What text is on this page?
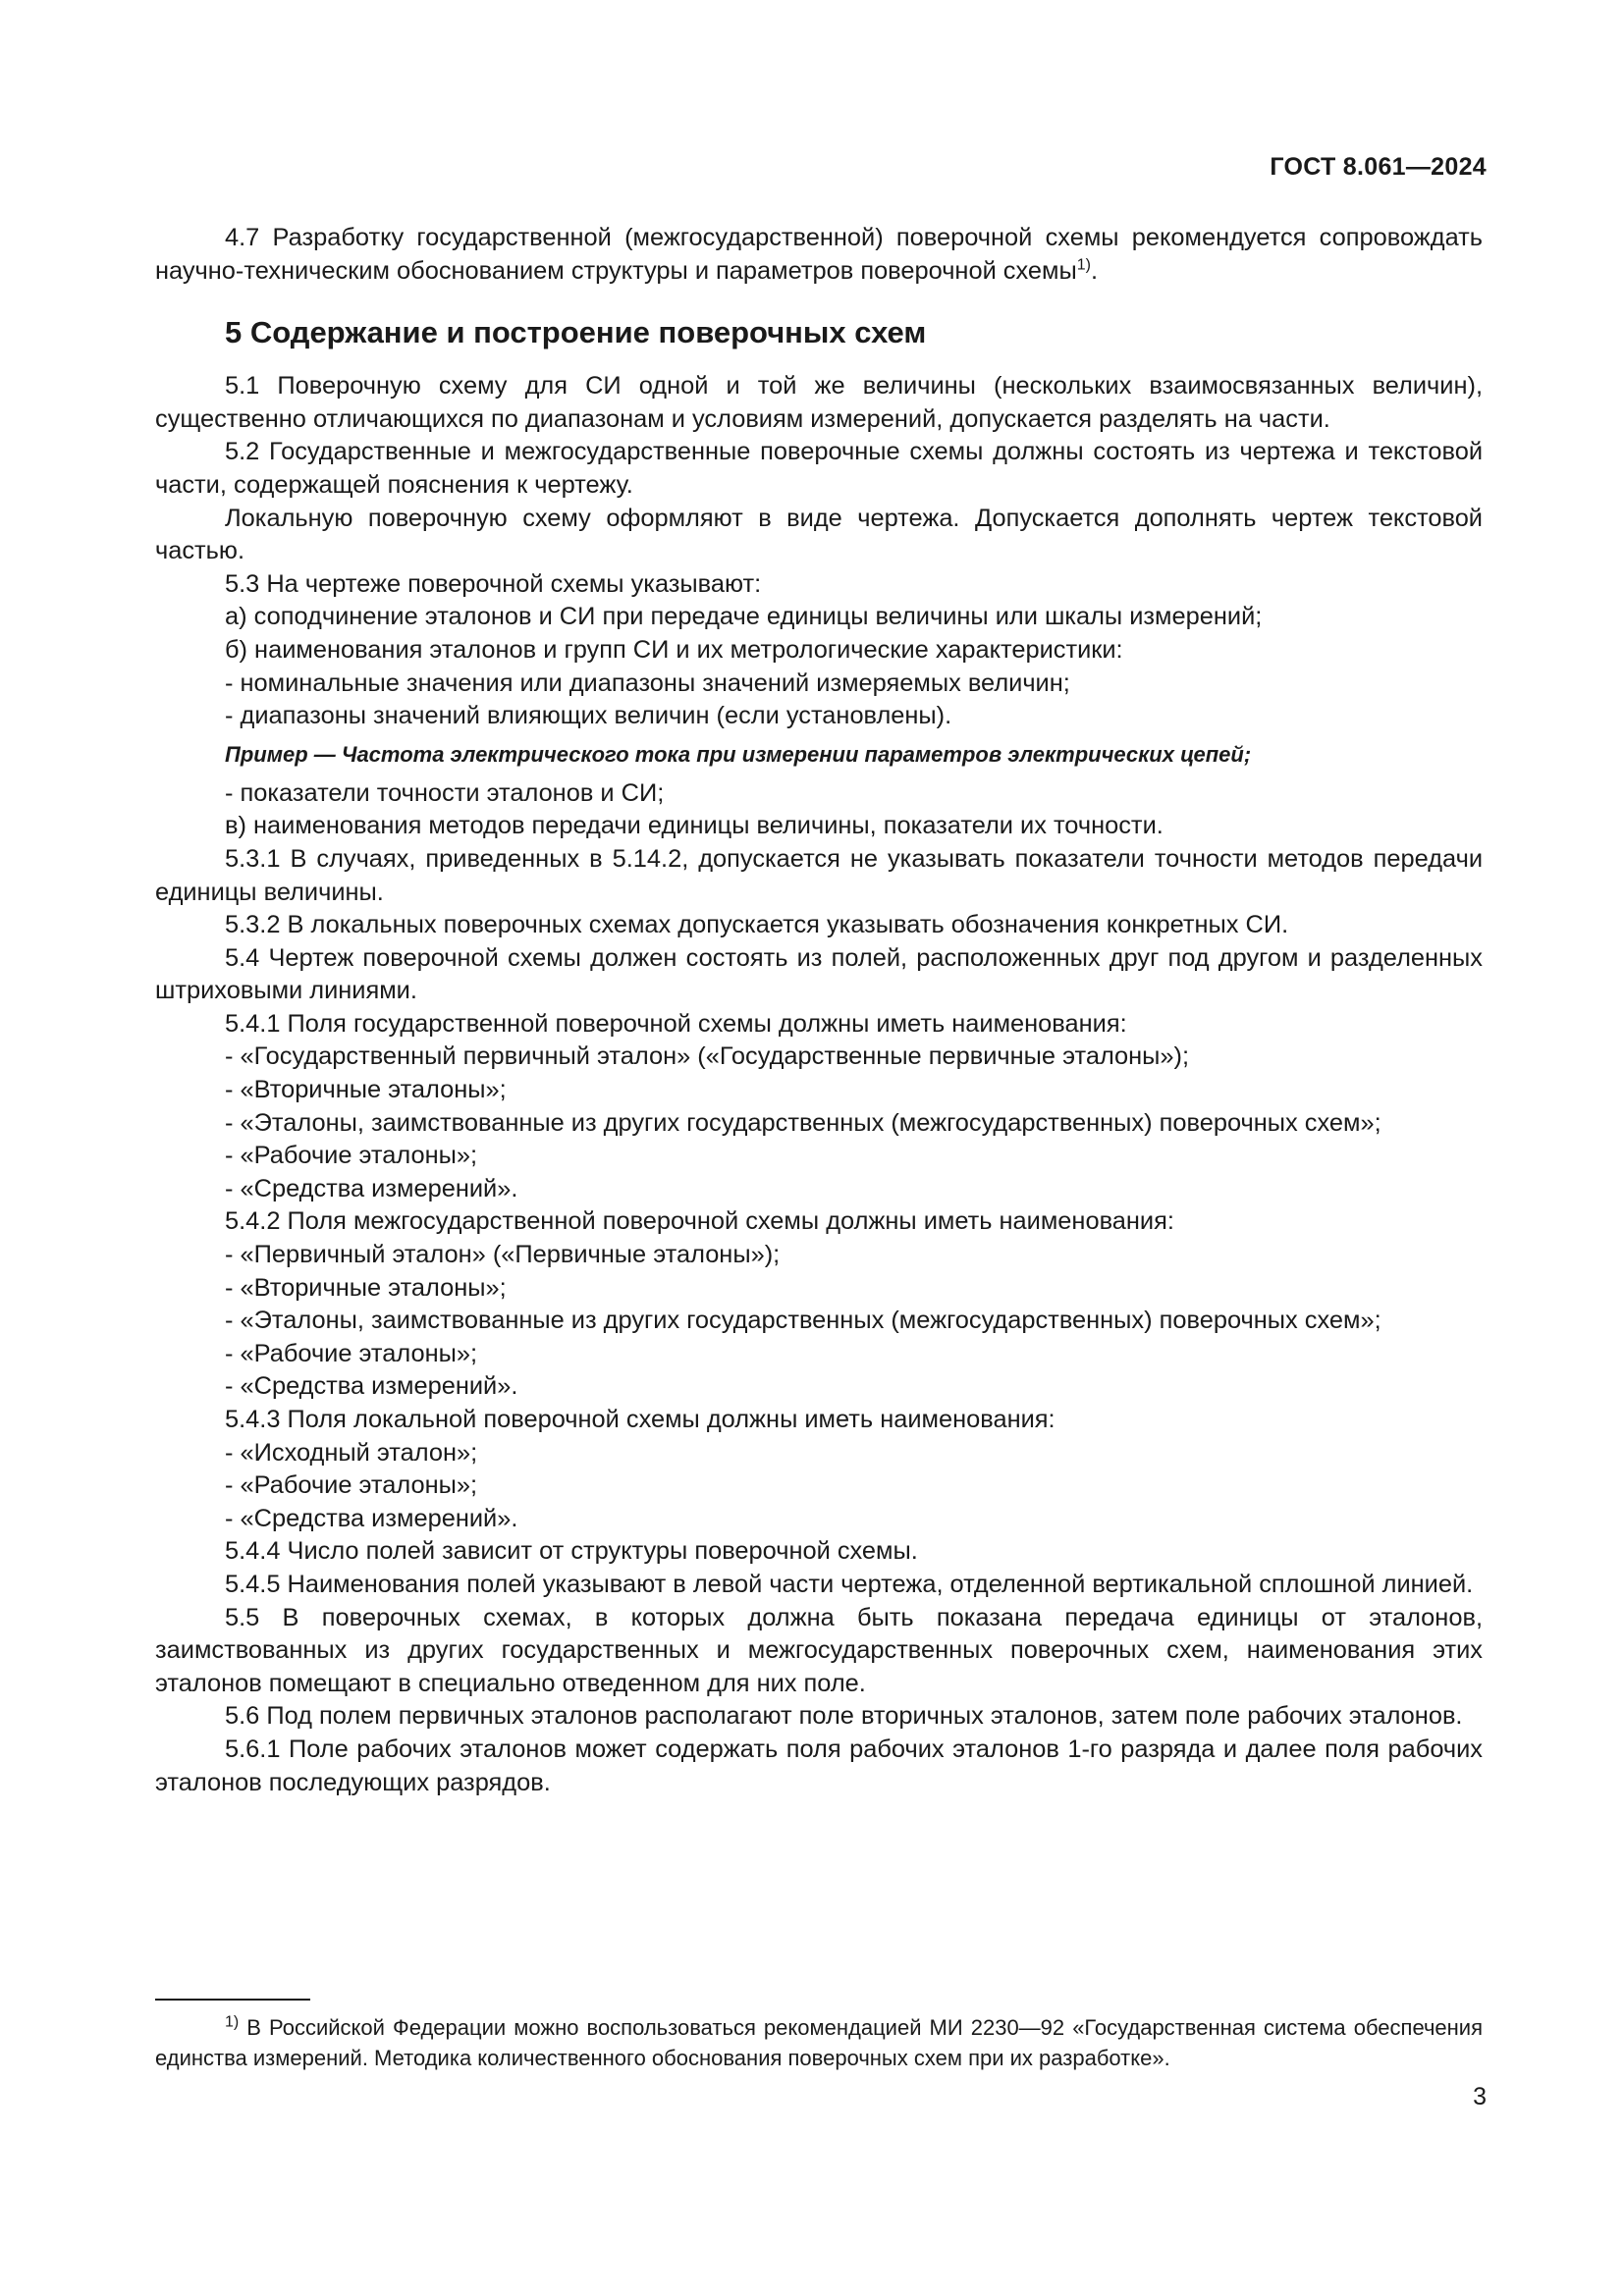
ГОСТ 8.061—2024

4.7 Разработку государственной (межгосударственной) поверочной схемы рекомендуется сопровождать научно-техническим обоснованием структуры и параметров поверочной схемы$^{1)}$.

5 Содержание и построение поверочных схем

5.1 Поверочную схему для СИ одной и той же величины (нескольких взаимосвязанных величин), существенно отличающихся по диапазонам и условиям измерений, допускается разделять на части.

5.2 Государственные и межгосударственные поверочные схемы должны состоять из чертежа и текстовой части, содержащей пояснения к чертежу.

Локальную поверочную схему оформляют в виде чертежа. Допускается дополнять чертеж текстовой частью.

5.3 На чертеже поверочной схемы указывают:

а) соподчинение эталонов и СИ при передаче единицы величины или шкалы измерений;

б) наименования эталонов и групп СИ и их метрологические характеристики:

- номинальные значения или диапазоны значений измеряемых величин;

- диапазоны значений влияющих величин (если установлены).

Пример — Частота электрического тока при измерении параметров электрических цепей;

- показатели точности эталонов и СИ;

в) наименования методов передачи единицы величины, показатели их точности.

5.3.1 В случаях, приведенных в 5.14.2, допускается не указывать показатели точности методов передачи единицы величины.

5.3.2 В локальных поверочных схемах допускается указывать обозначения конкретных СИ.

5.4 Чертеж поверочной схемы должен состоять из полей, расположенных друг под другом и разделенных штриховыми линиями.

5.4.1 Поля государственной поверочной схемы должны иметь наименования:

- «Государственный первичный эталон» («Государственные первичные эталоны»);

- «Вторичные эталоны»;

- «Эталоны, заимствованные из других государственных (межгосударственных) поверочных схем»;

- «Рабочие эталоны»;

- «Средства измерений».

5.4.2 Поля межгосударственной поверочной схемы должны иметь наименования:

- «Первичный эталон» («Первичные эталоны»);

- «Вторичные эталоны»;

- «Эталоны, заимствованные из других государственных (межгосударственных) поверочных схем»;

- «Рабочие эталоны»;

- «Средства измерений».

5.4.3 Поля локальной поверочной схемы должны иметь наименования:

- «Исходный эталон»;

- «Рабочие эталоны»;

- «Средства измерений».

5.4.4 Число полей зависит от структуры поверочной схемы.

5.4.5 Наименования полей указывают в левой части чертежа, отделенной вертикальной сплошной линией.

5.5 В поверочных схемах, в которых должна быть показана передача единицы от эталонов, заимствованных из других государственных и межгосударственных поверочных схем, наименования этих эталонов помещают в специально отведенном для них поле.

5.6 Под полем первичных эталонов располагают поле вторичных эталонов, затем поле рабочих эталонов.

5.6.1 Поле рабочих эталонов может содержать поля рабочих эталонов 1-го разряда и далее поля рабочих эталонов последующих разрядов.

$^{1)}$ В Российской Федерации можно воспользоваться рекомендацией МИ 2230—92 «Государственная система обеспечения единства измерений. Методика количественного обоснования поверочных схем при их разработке».

3
